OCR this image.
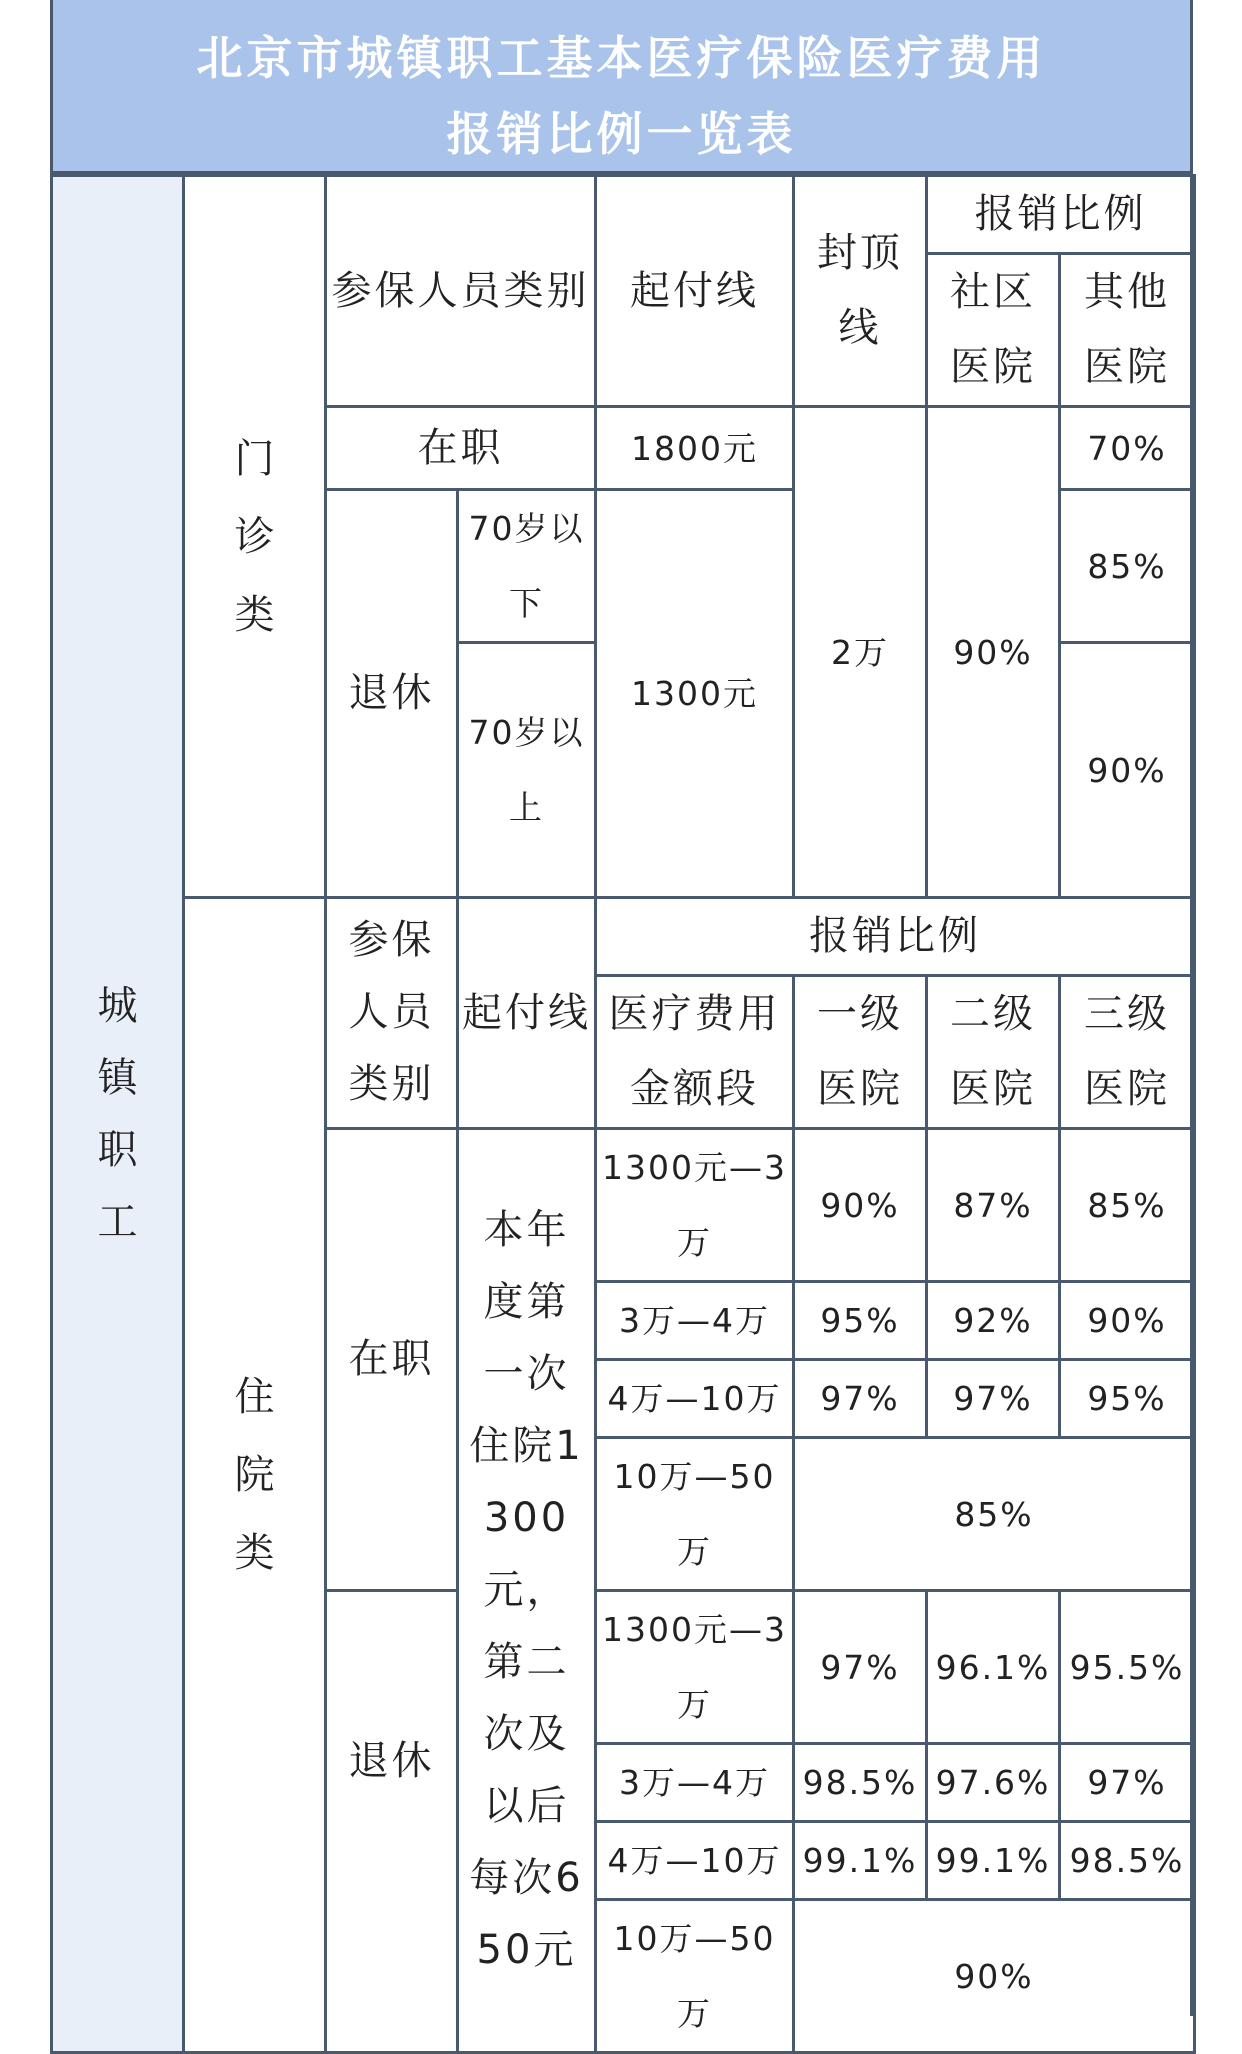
北京市城镇职工基本医疗保险医疗费用
报销比例一览表
城镇职工	门诊类	参保人员类别		起付线	封顶线	报销比例	
						社区医院	其他医院
		在职		1800元	2万	90%	70%
		退休	70岁以下	1300元			85%

			70岁以上				90%

	住院类	参保人员类别	起付线	报销比例			
				医疗费用金额段	一级医院	二级医院	三级医院
		在职	本年度第一次住院1300元，第二次及以后每次650元	1300元—3万	90%	87%	85%
				3万—4万	95%	92%	90%
				4万—10万	97%	97%	95%
				10万—50万	85%		

		退休		1300元—3万	97%	96.1%	95.5%
				3万—4万	98.5%	97.6%	97%
				4万—10万	99.1%	99.1%	98.5%
				10万—50万	90%		
